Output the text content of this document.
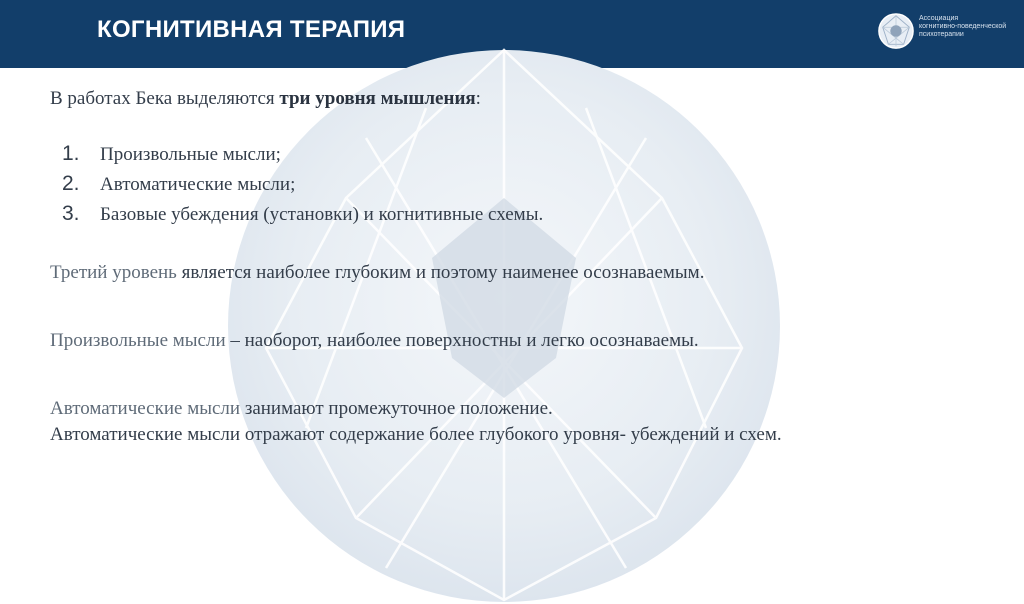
КОГНИТИВНАЯ ТЕРАПИЯ	Ассоциация
когнитивно-поведенческой
психотерапии

В работах Бека выделяются три уровня мышления:

1.	Произвольные мысли;
2.	Автоматические мысли;
3.	Базовые убеждения (установки) и когнитивные схемы.

Третий уровень является наиболее глубоким и поэтому наименее осознаваемым.

Произвольные мысли – наоборот, наиболее поверхностны и легко осознаваемы.

Автоматические мысли занимают промежуточное положение.

Автоматические мысли отражают содержание более глубокого уровня- убеждений и схем.
